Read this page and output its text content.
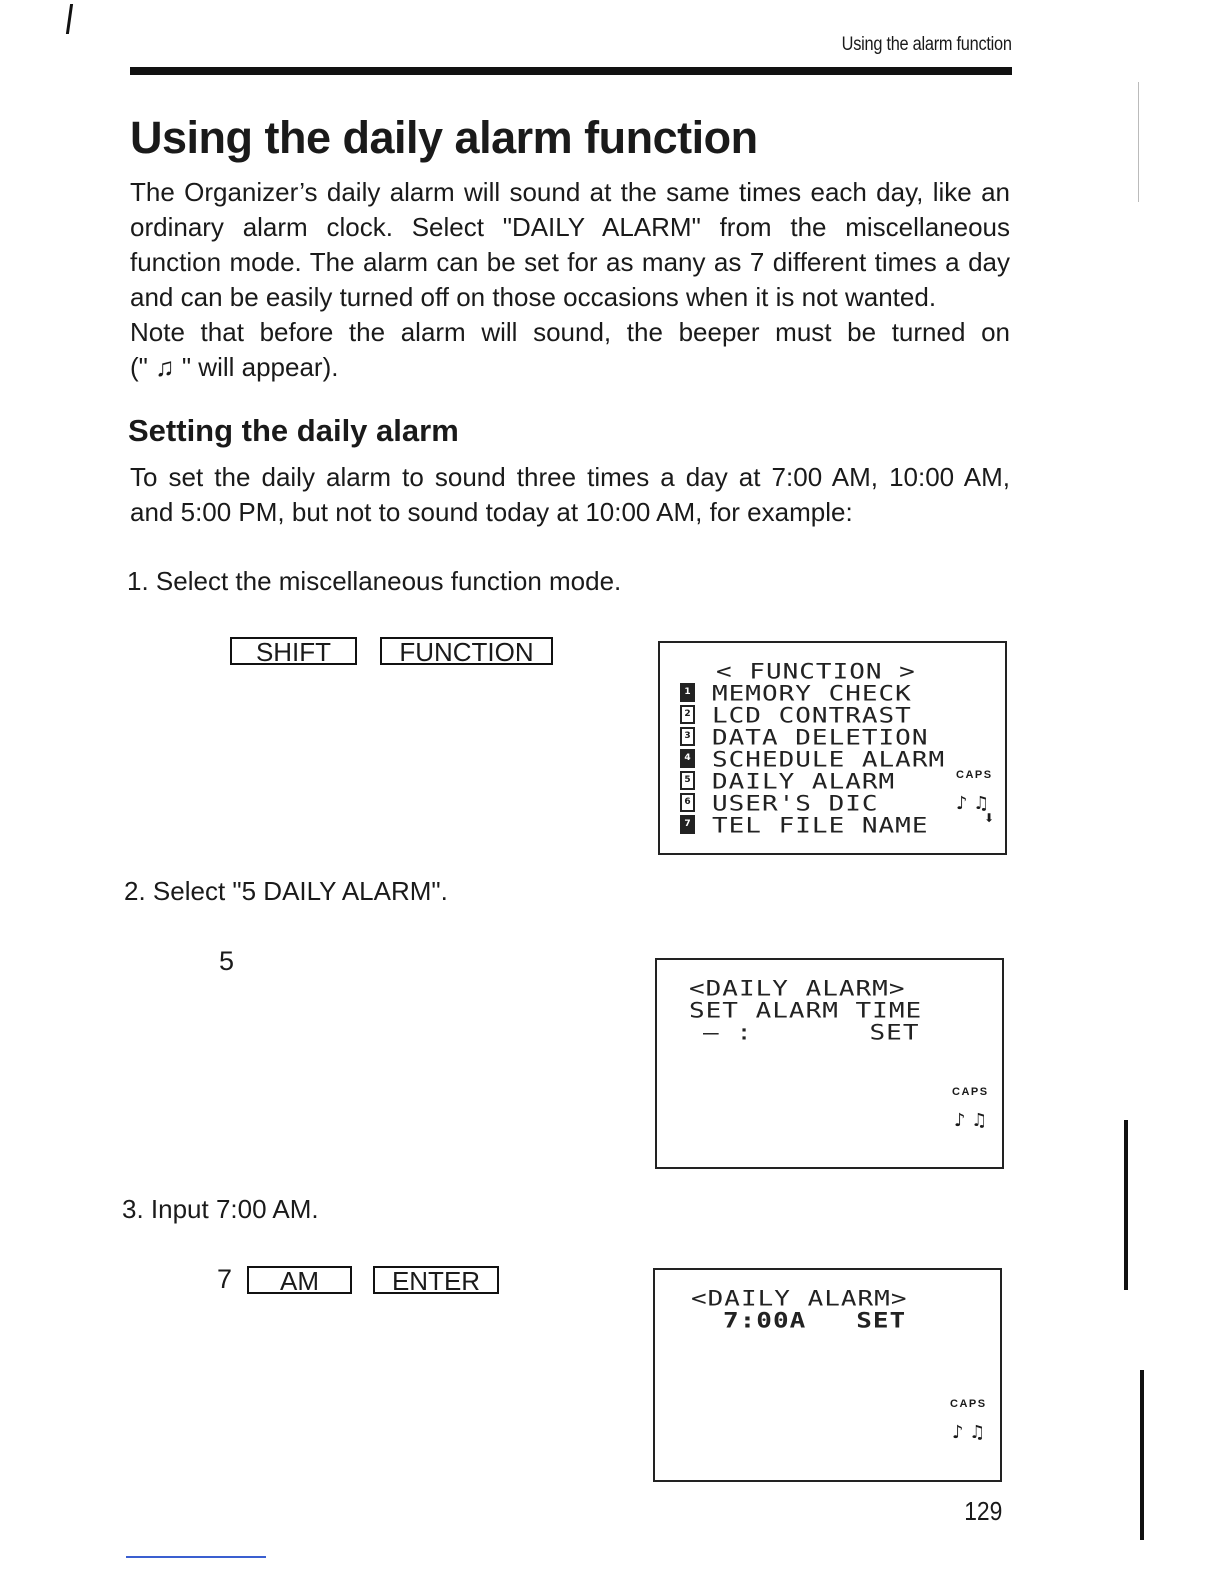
Using the alarm function
Using the daily alarm function

The Organizer’s daily alarm will sound at the same times each day, like an
ordinary alarm clock. Select "DAILY ALARM" from the miscellaneous
function mode. The alarm can be set for as many as 7 different times a day
and can be easily turned off on those occasions when it is not wanted.
Note that before the alarm will sound, the beeper must be turned on
(" ♫ " will appear).

Setting the daily alarm

To set the daily alarm to sound three times a day at 7:00 AM, 10:00 AM,
and 5:00 PM, but not to sound today at 10:00 AM, for example:

1. Select the miscellaneous function mode.

SHIFT	FUNCTION
< FUNCTION >
MEMORY CHECK
LCD CONTRAST
DATA DELETION
SCHEDULE ALARM
DAILY ALARM
USER'S DIC
TEL FILE NAME
1
2
3
4
5
6
7
CAPS
♪ ♫
⬇

2. Select "5 DAILY ALARM".

5
<DAILY ALARM>
SET ALARM TIME
— :       SET
CAPS
♪ ♫

3. Input 7:00 AM.

7	AM	ENTER
<DAILY ALARM>
7:00A   SET
CAPS
♪ ♫
129
